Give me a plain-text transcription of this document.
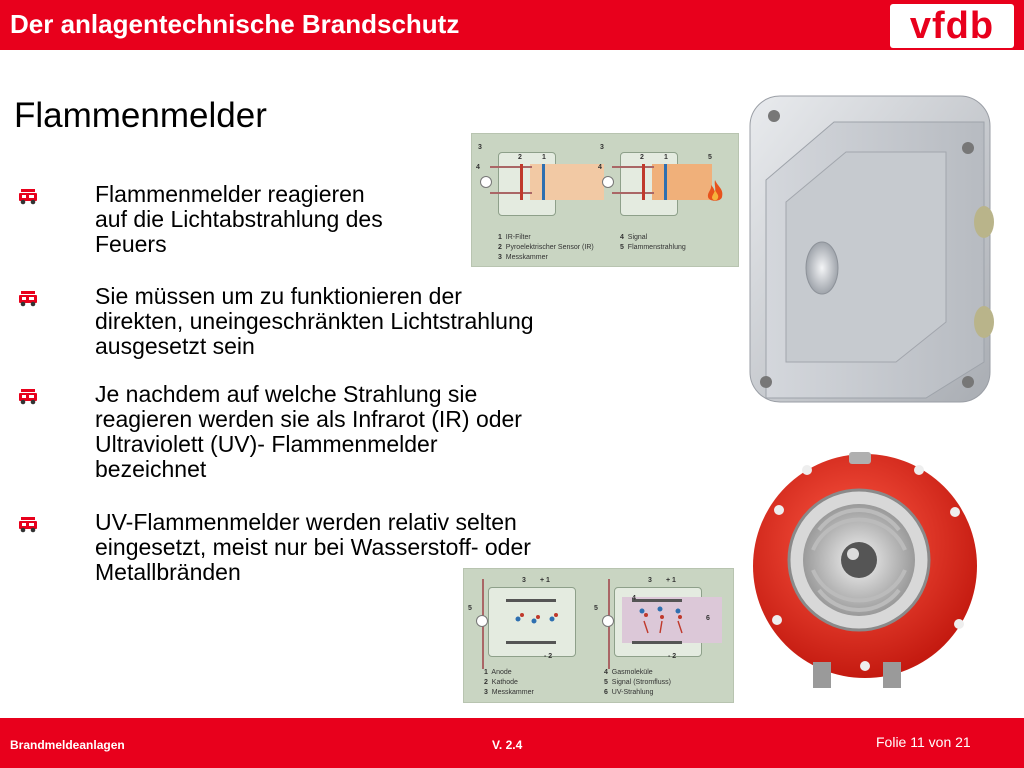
Der anlagentechnische Brandschutz	vfdb
Flammenmelder
Flammenmelder reagieren
auf die Lichtabstrahlung des
Feuers
Sie müssen um zu funktionieren der
direkten, uneingeschränkten Lichtstrahlung
ausgesetzt sein
Je nachdem auf welche Strahlung sie
reagieren werden sie als Infrarot (IR) oder
Ultraviolett (UV)- Flammenmelder
bezeichnet
UV-Flammenmelder werden relativ selten
eingesetzt, meist nur bei Wasserstoff- oder
Metallbränden
3
4
2	1
3
4
2	1	5
1 IR-Filter
2 Pyroelektrischer Sensor (IR)
3 Messkammer
4 Signal
5 Flammenstrahlung
3 + 1
5
- 2
3 + 1
5
4
6
- 2
1 Anode
2 Kathode
3 Messkammer
4 Gasmoleküle
5 Signal (Stromfluss)
6 UV-Strahlung
Brandmeldeanlagen	V. 2.4	Folie 11 von 21
